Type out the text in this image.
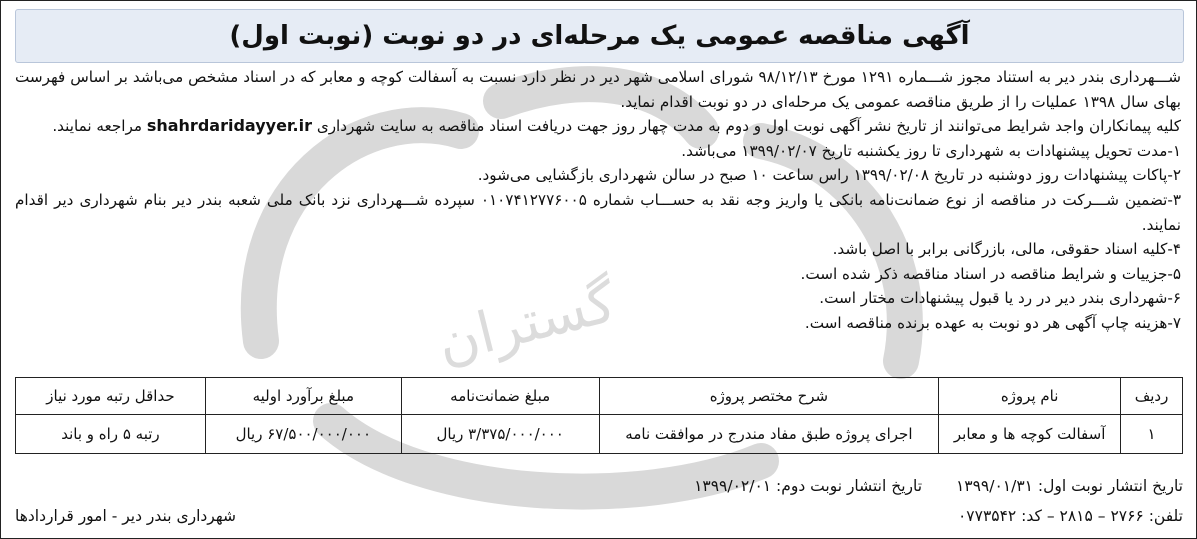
گستران
آگهی مناقصه عمومی یک مرحله‌ای در دو نوبت (نوبت اول)

شـــهرداری بندر دیر به استناد مجوز شـــماره ۱۲۹۱ مورخ ۹۸/۱۲/۱۳ شورای اسلامی شهر دیر در نظر دارد نسبت به آسفالت کوچه و معابر که در اسناد مشخص می‌باشد بر اساس فهرست بهای سال ۱۳۹۸ عملیات را از طریق مناقصه عمومی یک مرحله‌ای در دو نوبت اقدام نماید.

کلیه پیمانکاران واجد شرایط می‌توانند از تاریخ نشر آگهی نوبت اول و دوم به مدت چهار روز جهت دریافت اسناد مناقصه به سایت شهرداری shahrdaridayyer.ir مراجعه نمایند.

۱-مدت تحویل پیشنهادات به شهرداری تا روز یکشنبه تاریخ ۱۳۹۹/۰۲/۰۷ می‌باشد.

۲-پاکات پیشنهادات روز دوشنبه در تاریخ ۱۳۹۹/۰۲/۰۸ راس ساعت ۱۰ صبح در سالن شهرداری بازگشایی می‌شود.

۳-تضمین شـــرکت در مناقصه از نوع ضمانت‌نامه بانکی یا واریز وجه نقد به حســـاب شماره ۰۱۰۷۴۱۲۷۷۶۰۰۵ سپرده شـــهرداری نزد بانک ملی شعبه بندر دیر بنام شهرداری دیر اقدام نمایند.

۴-کلیه اسناد حقوقی، مالی، بازرگانی برابر با اصل باشد.

۵-جزییات و شرایط مناقصه در اسناد مناقصه ذکر شده است.

۶-شهرداری بندر دیر در رد یا قبول پیشنهادات مختار است.

۷-هزینه چاپ آگهی هر دو نوبت به عهده برنده مناقصه است.

ردیف	نام پروژه	شرح مختصر پروژه	مبلغ ضمانت‌نامه	مبلغ برآورد اولیه	حداقل رتبه مورد نیاز
۱	آسفالت کوچه ها و معابر	اجرای پروژه طبق مفاد مندرج در موافقت نامه	۳/۳۷۵/۰۰۰/۰۰۰ ریال	۶۷/۵۰۰/۰۰۰/۰۰۰ ریال	رتبه ۵ راه و باند
تاریخ انتشار نوبت اول: ۱۳۹۹/۰۱/۳۱  تاریخ انتشار نوبت دوم: ۱۳۹۹/۰۲/۰۱
تلفن: ۲۷۶۶ – ۲۸۱۵ – کد: ۰۷۷۳۵۴۲
شهرداری بندر دیر - امور قراردادها
